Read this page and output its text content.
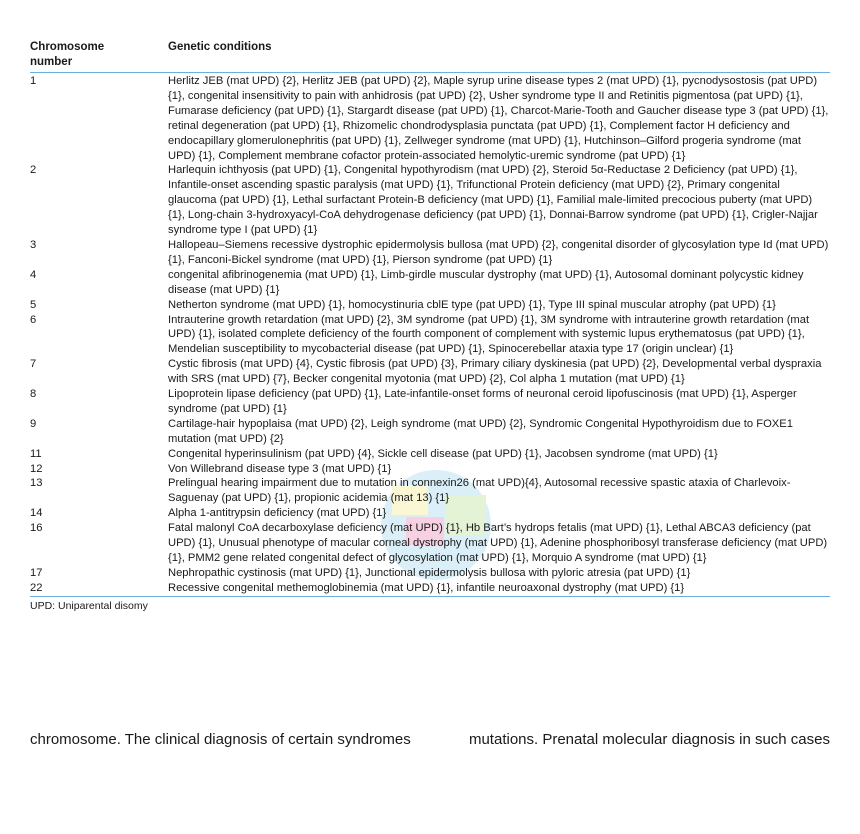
Chromosome
number
Genetic conditions
1	Herlitz JEB (mat UPD) {2}, Herlitz JEB (pat UPD) {2}, Maple syrup urine disease types 2 (mat UPD) {1}, pycnodysostosis (pat UPD) {1}, congenital insensitivity to pain with anhidrosis (pat UPD) {2}, Usher syndrome type II and Retinitis pigmentosa (pat UPD) {1}, Fumarase deficiency (pat UPD) {1}, Stargardt disease (pat UPD) {1}, Charcot-Marie-Tooth and Gaucher disease type 3 (pat UPD) {1}, retinal degeneration (pat UPD) {1}, Rhizomelic chondrodysplasia punctata (pat UPD) {1}, Complement factor H deficiency and endocapillary glomerulonephritis (pat UPD) {1}, Zellweger syndrome (mat UPD) {1}, Hutchinson–Gilford progeria syndrome (mat UPD) {1}, Complement membrane cofactor protein-associated hemolytic-uremic syndrome (pat UPD) {1}
2	Harlequin ichthyosis (pat UPD) {1}, Congenital hypothyrodism (mat UPD) {2}, Steroid 5α-Reductase 2 Deficiency (pat UPD) {1}, Infantile-onset ascending spastic paralysis (mat UPD) {1}, Trifunctional Protein deficiency (mat UPD) {2}, Primary congenital glaucoma (pat UPD) {1}, Lethal surfactant Protein-B deficiency (mat UPD) {1}, Familial male-limited precocious puberty (mat UPD) {1}, Long-chain 3-hydroxyacyl-CoA dehydrogenase deficiency (pat UPD) {1}, Donnai-Barrow syndrome (pat UPD) {1}, Crigler-Najjar syndrome type I (pat UPD) {1}
3	Hallopeau–Siemens recessive dystrophic epidermolysis bullosa (mat UPD) {2}, congenital disorder of glycosylation type Id (mat UPD) {1}, Fanconi-Bickel syndrome (mat UPD) {1}, Pierson syndrome (pat UPD) {1}
4	congenital afibrinogenemia (mat UPD) {1}, Limb-girdle muscular dystrophy (mat UPD) {1}, Autosomal dominant polycystic kidney disease (mat UPD) {1}
5	Netherton syndrome (mat UPD) {1}, homocystinuria cblE type (pat UPD) {1}, Type III spinal muscular atrophy (pat UPD) {1}
6	Intrauterine growth retardation (mat UPD) {2}, 3M syndrome (pat UPD) {1}, 3M syndrome with intrauterine growth retardation (mat UPD) {1}, isolated complete deficiency of the fourth component of complement with systemic lupus erythematosus (pat UPD) {1}, Mendelian susceptibility to mycobacterial disease (pat UPD) {1}, Spinocerebellar ataxia type 17 (origin unclear) {1}
7	Cystic fibrosis (mat UPD) {4}, Cystic fibrosis (pat UPD) {3}, Primary ciliary dyskinesia (pat UPD) {2}, Developmental verbal dyspraxia with SRS (mat UPD) {7}, Becker congenital myotonia (mat UPD) {2}, Col alpha 1 mutation (mat UPD) {1}
8	Lipoprotein lipase deficiency (pat UPD) {1}, Late-infantile-onset forms of neuronal ceroid lipofuscinosis (mat UPD) {1}, Asperger syndrome (pat UPD) {1}
9	Cartilage-hair hypoplaisa (mat UPD) {2}, Leigh syndrome (mat UPD) {2}, Syndromic Congenital Hypothyroidism due to FOXE1 mutation (mat UPD) {2}
11	Congenital hyperinsulinism (pat UPD) {4}, Sickle cell disease (pat UPD) {1}, Jacobsen syndrome (mat UPD) {1}
12	Von Willebrand disease type 3 (mat UPD) {1}
13	Prelingual hearing impairment due to mutation in connexin26 (mat UPD){4}, Autosomal recessive spastic ataxia of Charlevoix-Saguenay (pat UPD) {1}, propionic acidemia (mat 13) {1}
14	Alpha 1-antitrypsin deficiency (mat UPD) {1}
16	Fatal malonyl CoA decarboxylase deficiency (mat UPD) {1}, Hb Bart’s hydrops fetalis (mat UPD) {1}, Lethal ABCA3 deficiency (pat UPD) {1}, Unusual phenotype of macular corneal dystrophy (mat UPD) {1}, Adenine phosphoribosyl transferase deficiency (mat UPD) {1}, PMM2 gene related congenital defect of glycosylation (mat UPD) {1}, Morquio A syndrome (mat UPD) {1}
17	Nephropathic cystinosis (mat UPD) {1}, Junctional epidermolysis bullosa with pyloric atresia (pat UPD) {1}
22	Recessive congenital methemoglobinemia (mat UPD) {1}, infantile neuroaxonal dystrophy (mat UPD) {1}
UPD: Uniparental disomy
chromosome. The clinical diagnosis of certain syndromes	mutations. Prenatal molecular diagnosis in such cases
